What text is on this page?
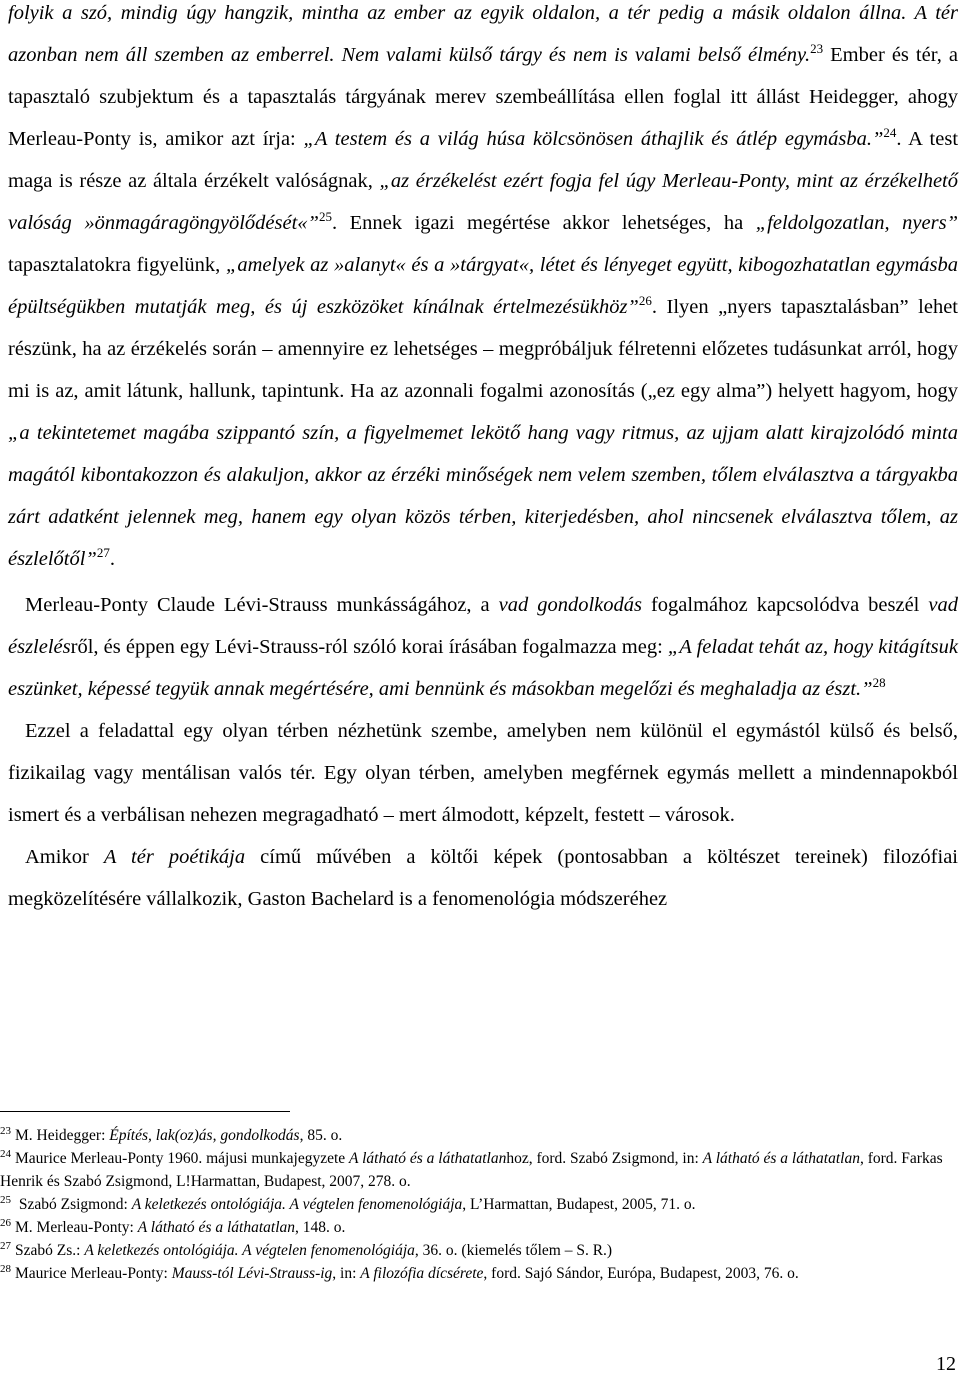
folyik a szó, mindig úgy hangzik, mintha az ember az egyik oldalon, a tér pedig a másik oldalon állna. A tér azonban nem áll szemben az emberrel. Nem valami külső tárgy és nem is valami belső élmény.$^{23}$ Ember és tér, a tapasztaló szubjektum és a tapasztalás tárgyának merev szembeállítása ellen foglal itt állást Heidegger, ahogy Merleau-Ponty is, amikor azt írja: „A testem és a világ húsa kölcsönösen áthajlik és átlép egymásba.”$^{24}$. A test maga is része az általa érzékelt valóságnak, „az érzékelést ezért fogja fel úgy Merleau-Ponty, mint az érzékelhető valóság »önmagáragöngyölődését«”$^{25}$. Ennek igazi megértése akkor lehetséges, ha „feldolgozatlan, nyers” tapasztalatokra figyelünk, „amelyek az »alanyt« és a »tárgyat«, létet és lényeget együtt, kibogozhatatlan egymásba épültségükben mutatják meg, és új eszközöket kínálnak értelmezésükhöz”$^{26}$. Ilyen „nyers tapasztalásban” lehet részünk, ha az érzékelés során – amennyire ez lehetséges – megpróbáljuk félretenni előzetes tudásunkat arról, hogy mi is az, amit látunk, hallunk, tapintunk. Ha az azonnali fogalmi azonosítás („ez egy alma”) helyett hagyom, hogy „a tekintetemet magába szippantó szín, a figyelmemet lekötő hang vagy ritmus, az ujjam alatt kirajzolódó minta magától kibontakozzon és alakuljon, akkor az érzéki minőségek nem velem szemben, tőlem elválasztva a tárgyakba zárt adatként jelennek meg, hanem egy olyan közös térben, kiterjedésben, ahol nincsenek elválasztva tőlem, az észlelőtől”$^{27}$.

Merleau-Ponty Claude Lévi-Strauss munkásságához, a vad gondolkodás fogalmához kapcsolódva beszél vad észlelésről, és éppen egy Lévi-Strauss-ról szóló korai írásában fogalmazza meg: „A feladat tehát az, hogy kitágítsuk eszünket, képessé tegyük annak megértésére, ami bennünk és másokban megelőzi és meghaladja az észt.”$^{28}$

Ezzel a feladattal egy olyan térben nézhetünk szembe, amelyben nem különül el egymástól külső és belső, fizikailag vagy mentálisan valós tér. Egy olyan térben, amelyben megférnek egymás mellett a mindennapokból ismert és a verbálisan nehezen megragadható – mert álmodott, képzelt, festett – városok.

Amikor A tér poétikája című művében a költői képek (pontosabban a költészet tereinek) filozófiai megközelítésére vállalkozik, Gaston Bachelard is a fenomenológia módszeréhez

$^{23}$ M. Heidegger: Építés, lak(oz)ás, gondolkodás, 85. o.

$^{24}$ Maurice Merleau-Ponty 1960. májusi munkajegyzete A látható és a láthatatlanhoz, ford. Szabó Zsigmond, in: A látható és a láthatatlan, ford. Farkas Henrik és Szabó Zsigmond, L!Harmattan, Budapest, 2007, 278. o.

$^{25}$ Szabó Zsigmond: A keletkezés ontológiája. A végtelen fenomenológiája, L’Harmattan, Budapest, 2005, 71. o.

$^{26}$ M. Merleau-Ponty: A látható és a láthatatlan, 148. o.

$^{27}$ Szabó Zs.: A keletkezés ontológiája. A végtelen fenomenológiája, 36. o. (kiemelés tőlem – S. R.)

$^{28}$ Maurice Merleau-Ponty: Mauss-tól Lévi-Strauss-ig, in: A filozófia dícsérete, ford. Sajó Sándor, Európa, Budapest, 2003, 76. o.

12
